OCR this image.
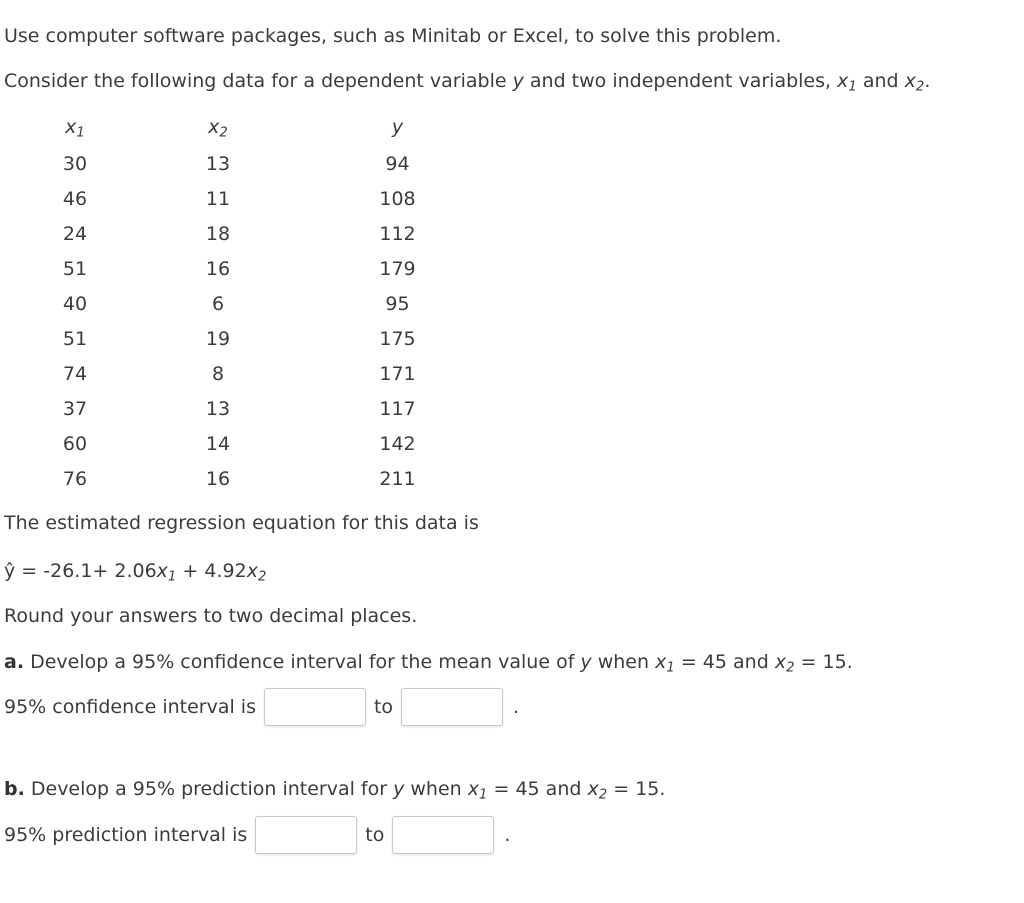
Use computer software packages, such as Minitab or Excel, to solve this problem.
Consider the following data for a dependent variable y and two independent variables, $x_1$ and $x_2$.
$x_1$	$x_2$	y
30	13	94
46	11	108
24	18	112
51	16	179
40	6	95
51	19	175
74	8	171
37	13	117
60	14	142
76	16	211
The estimated regression equation for this data is
ŷ = $-26.1+ 2.06x_1 + 4.92x_2$
Round your answers to two decimal places.
a. Develop a 95% confidence interval for the mean value of y when $x_1 = 45$ and $x_2 = 15$.
95% confidence interval is	to	.
b. Develop a 95% prediction interval for y when $x_1 = 45$ and $x_2 = 15$.
95% prediction interval is	to	.
